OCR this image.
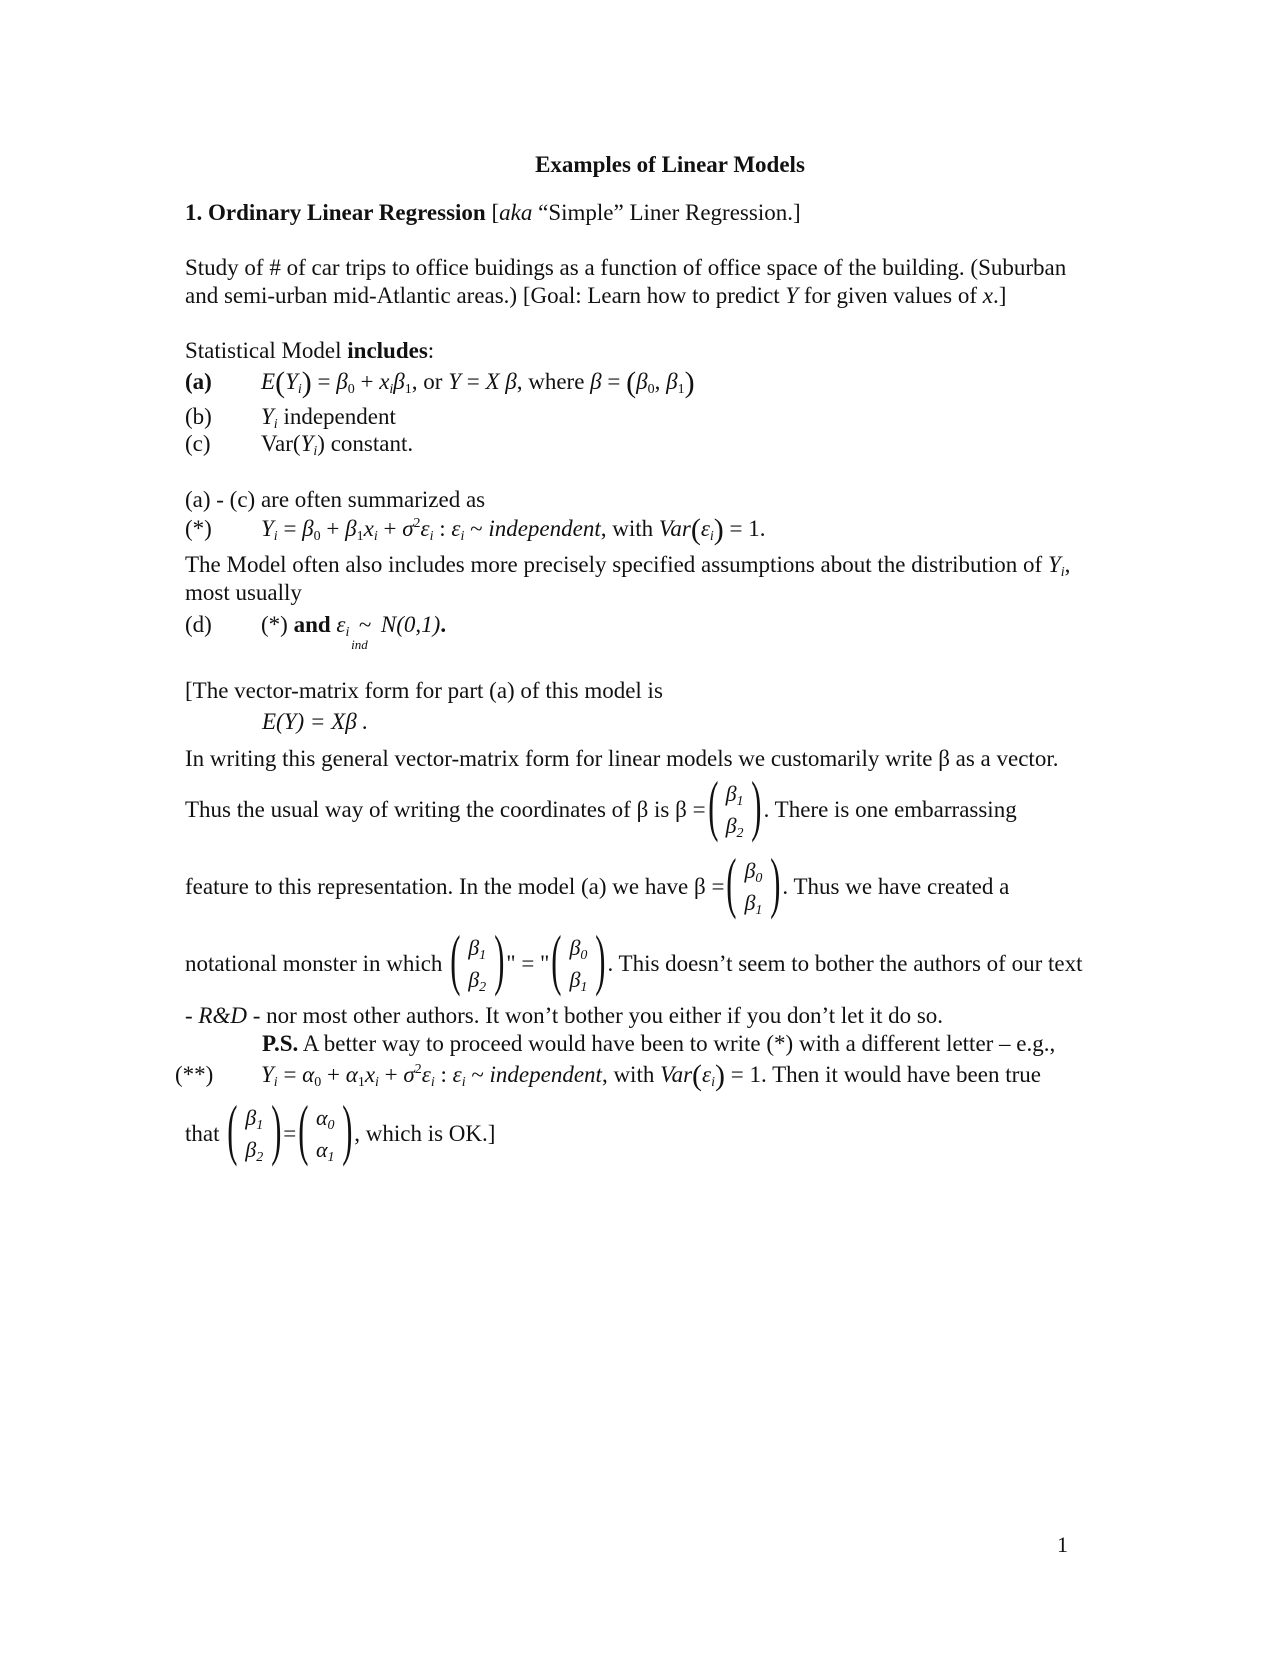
Examples of Linear Models
1. Ordinary Linear Regression [aka “Simple” Liner Regression.]
Study of # of car trips to office buidings as a function of office space of the building. (Suburban
and semi-urban mid-Atlantic areas.) [Goal: Learn how to predict Y for given values of x.]
Statistical Model includes:
(a) $E(Y_i) = \beta_0 + x_i\beta_1$, or Y = X β, where $\beta = (\beta_0$, $\beta_1$)
(b) $Y_i$ independent
(c) $Var(Y_i)$ constant.
(a) - (c) are often summarized as
(*) $Y_i = \beta_0 + \beta_1x_i + \sigma^2\varepsilon_i$ : $\varepsilon_i$ ~ independent, with $Var(\varepsilon_i) = 1$.
The Model often also includes more precisely specified assumptions about the distribution of $Y_i$,
most usually
(d) (*) and $\varepsilon_i$ ~
ind
N(0,1).
[The vector-matrix form for part (a) of this model is
E(Y) = Xβ .
In writing this general vector-matrix form for linear models we customarily write β as a vector.
Thus the usual way of writing the coordinates of β is β = ( $\beta_1$
$\beta_2$ ) . There is one embarrassing
feature to this representation. In the model (a) we have β = ( $\beta_0$
$\beta_1$ ) . Thus we have created a
notational monster in which ( $\beta_1$
$\beta_2$ ) " = " ( $\beta_0$
$\beta_1$ ) . This doesn’t seem to bother the authors of our text
- R&D - nor most other authors. It won’t bother you either if you don’t let it do so.
P.S. A better way to proceed would have been to write (*) with a different letter – e.g.,
(**) $Y_i = \alpha_0 + \alpha_1x_i + \sigma^2\varepsilon_i$ : $\varepsilon_i$ ~ independent, with $Var(\varepsilon_i) = 1$. Then it would have been true
that ( $\beta_1$
$\beta_2$ ) = ( $\alpha_0$
$\alpha_1$ ) , which is OK.]
1
